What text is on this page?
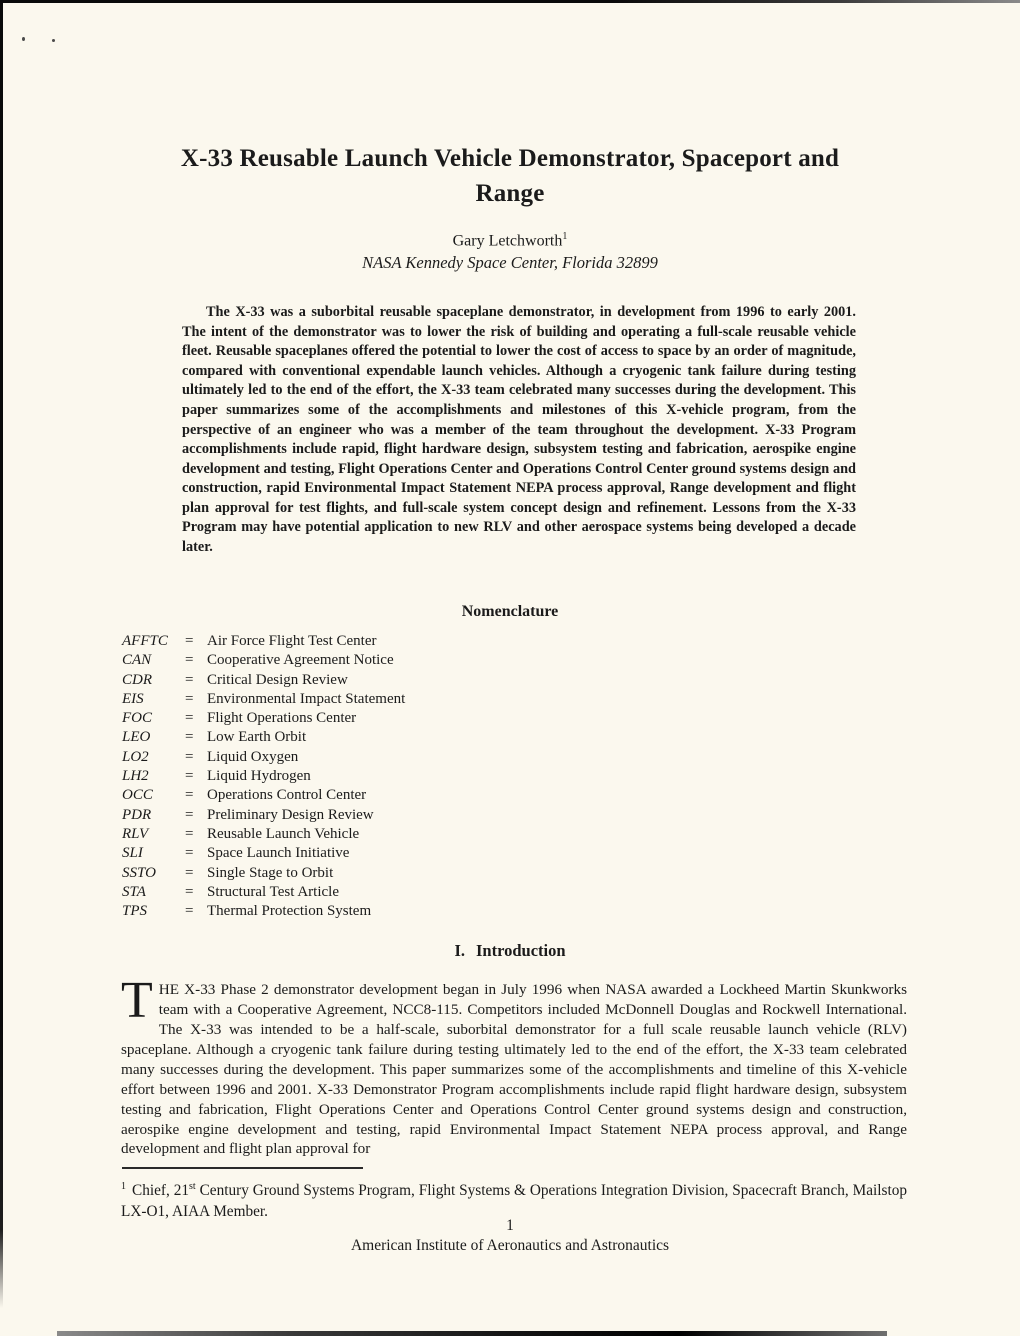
X-33 Reusable Launch Vehicle Demonstrator, Spaceport and
Range
Gary Letchworth$^1$
NASA Kennedy Space Center, Florida 32899

The X-33 was a suborbital reusable spaceplane demonstrator, in development from 1996 to early 2001. The intent of the demonstrator was to lower the risk of building and operating a full-scale reusable vehicle fleet. Reusable spaceplanes offered the potential to lower the cost of access to space by an order of magnitude, compared with conventional expendable launch vehicles. Although a cryogenic tank failure during testing ultimately led to the end of the effort, the X-33 team celebrated many successes during the development. This paper summarizes some of the accomplishments and milestones of this X-vehicle program, from the perspective of an engineer who was a member of the team throughout the development. X-33 Program accomplishments include rapid, flight hardware design, subsystem testing and fabrication, aerospike engine development and testing, Flight Operations Center and Operations Control Center ground systems design and construction, rapid Environmental Impact Statement NEPA process approval, Range development and flight plan approval for test flights, and full-scale system concept design and refinement. Lessons from the X-33 Program may have potential application to new RLV and other aerospace systems being developed a decade later.

Nomenclature
AFFTC	= Air Force Flight Test Center
CAN	= Cooperative Agreement Notice
CDR	= Critical Design Review
EIS	= Environmental Impact Statement
FOC	= Flight Operations Center
LEO	= Low Earth Orbit
LO2	= Liquid Oxygen
LH2	= Liquid Hydrogen
OCC	= Operations Control Center
PDR	= Preliminary Design Review
RLV	= Reusable Launch Vehicle
SLI	= Space Launch Initiative
SSTO	= Single Stage to Orbit
STA	= Structural Test Article
TPS	= Thermal Protection System
I. Introduction

THE X-33 Phase 2 demonstrator development began in July 1996 when NASA awarded a Lockheed Martin Skunkworks team with a Cooperative Agreement, NCC8-115. Competitors included McDonnell Douglas and Rockwell International. The X-33 was intended to be a half-scale, suborbital demonstrator for a full scale reusable launch vehicle (RLV) spaceplane. Although a cryogenic tank failure during testing ultimately led to the end of the effort, the X-33 team celebrated many successes during the development. This paper summarizes some of the accomplishments and timeline of this X-vehicle effort between 1996 and 2001. X-33 Demonstrator Program accomplishments include rapid flight hardware design, subsystem testing and fabrication, Flight Operations Center and Operations Control Center ground systems design and construction, aerospike engine development and testing, rapid Environmental Impact Statement NEPA process approval, and Range development and flight plan approval for

$^1$ Chief, 21st Century Ground Systems Program, Flight Systems & Operations Integration Division, Spacecraft Branch, Mailstop LX-O1, AIAA Member.
1
American Institute of Aeronautics and Astronautics
